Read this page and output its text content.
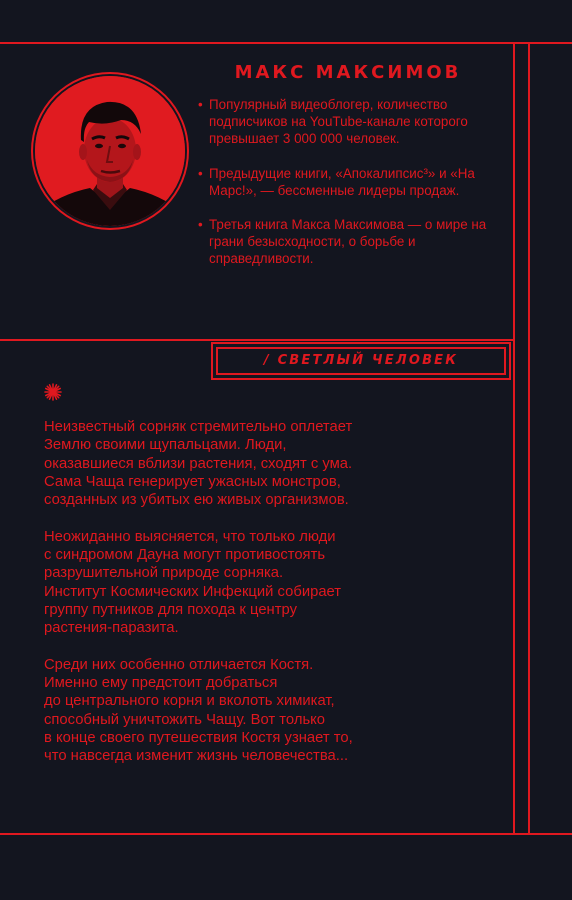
МАКС МАКСИМОВ
• Популярный видеоблогер, количество подписчиков на YouTube-канале которого превышает 3 000 000 человек.
• Предыдущие книги, «Апокалипсис³» и «На Марс!», — бессменные лидеры продаж.
• Третья книга Макса Максимова — о мире на грани безысходности, о борьбе и справедливости.
/ СВЕТЛЫЙ ЧЕЛОВЕК

Неизвестный сорняк стремительно оплетает
Землю своими щупальцами. Люди,
оказавшиеся вблизи растения, сходят с ума.
Сама Чаща генерирует ужасных монстров,
созданных из убитых ею живых организмов.

Неожиданно выясняется, что только люди
с синдромом Дауна могут противостоять
разрушительной природе сорняка.
Институт Космических Инфекций собирает
группу путников для похода к центру
растения-паразита.

Среди них особенно отличается Костя.
Именно ему предстоит добраться
до центрального корня и вколоть химикат,
способный уничтожить Чащу. Вот только
в конце своего путешествия Костя узнает то,
что навсегда изменит жизнь человечества...
